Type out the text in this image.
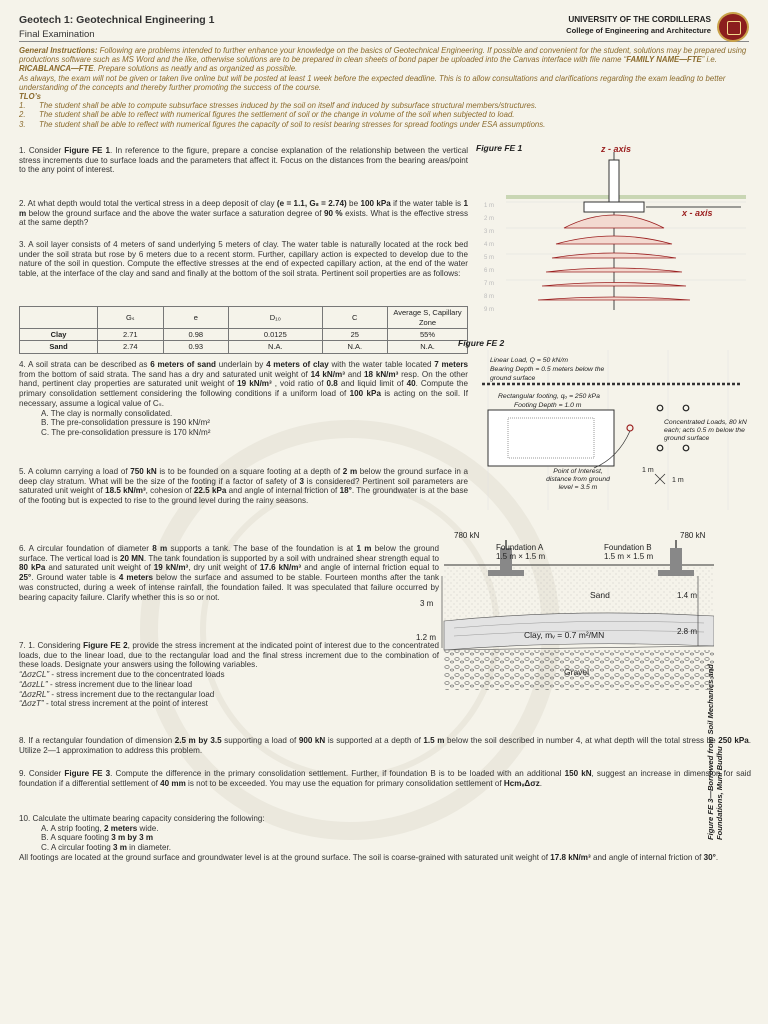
Geotech 1: Geotechnical Engineering 1
Final Examination
UNIVERSITY OF THE CORDILLERAS
College of Engineering and Architecture
General Instructions: Following are problems intended to further enhance your knowledge on the basics of Geotechnical Engineering. If possible and convenient for the student, solutions may be prepared using productions software such as MS Word and the like, otherwise solutions are to be prepared in clean sheets of bond paper be uploaded into the Canvas interface with file name “FAMILY NAME—FTE” i.e. RICABLANCA—FTE. Prepare solutions as neatly and as organized as possible.
As always, the exam will not be given or taken live online but will be posted at least 1 week before the expected deadline. This is to allow consultations and clarifications regarding the exam leading to better understanding of the concepts and thereby further promoting the success of the course.
TLO’s
1.	The student shall be able to compute subsurface stresses induced by the soil on itself and induced by subsurface structural members/structures.
2.	The student shall be able to reflect with numerical figures the settlement of soil or the change in volume of the soil when subjected to load.
3.	The student shall be able to reflect with numerical figures the capacity of soil to resist bearing stresses for spread footings under ESA assumptions.
1. Consider Figure FE 1. In reference to the figure, prepare a concise explanation of the relationship between the vertical stress increments due to surface loads and the parameters that affect it. Focus on the distances from the bearing areas/point to the any point of interest.
2. At what depth would total the vertical stress in a deep deposit of clay (e = 1.1, Gₛ = 2.74) be 100 kPa if the water table is 1 m below the ground surface and the above the water surface a saturation degree of 90 % exists. What is the effective stress at the same depth?
3. A soil layer consists of 4 meters of sand underlying 5 meters of clay. The water table is naturally located at the rock bed under the soil strata but rose by 6 meters due to a recent storm. Further, capillary action is expected to develop due to the nature of the soil in question. Compute the effective stresses at the end of expected capillary action, at the end of the water table, at the interface of the clay and sand and finally at the bottom of the soil strata. Pertinent soil properties are as follows:
	Gₛ	e	D₁₀	C	Average S, Capillary Zone
Clay	2.71	0.98	0.0125	25	55%
Sand	2.74	0.93	N.A.	N.A.	N.A.
4. A soil strata can be described as 6 meters of sand underlain by 4 meters of clay with the water table located 7 meters from the bottom of said strata. The sand has a dry and saturated unit weight of 14 kN/m³ and 18 kN/m³ resp. On the other hand, pertinent clay properties are saturated unit weight of 19 kN/m³ , void ratio of 0.8 and liquid limit of 40. Compute the primary consolidation settlement considering the following conditions if a uniform load of 100 kPa is acting on the soil. If necessary, assume a logical value of Cₛ.
A. The clay is normally consolidated.
B. The pre-consolidation pressure is 190 kN/m²
C. The pre-consolidation pressure is 170 kN/m²
5. A column carrying a load of 750 kN is to be founded on a square footing at a depth of 2 m below the ground surface in a deep clay stratum. What will be the size of the footing if a factor of safety of 3 is considered? Pertinent soil parameters are saturated unit weight of 18.5 kN/m³, cohesion of 22.5 kPa and angle of internal friction of 18°. The groundwater is at the base of the footing but is expected to rise to the ground level during the rainy seasons.
6. A circular foundation of diameter 8 m supports a tank. The base of the foundation is at 1 m below the ground surface. The vertical load is 20 MN. The tank foundation is supported by a soil with undrained shear strength equal to 80 kPa and saturated unit weight of 19 kN/m³, dry unit weight of 17.6 kN/m³ and angle of internal friction equal to 25°. Ground water table is 4 meters below the surface and assumed to be stable. Fourteen months after the tank was constructed, during a week of intense rainfall, the foundation failed. It was speculated that failure occurred by bearing capacity failure. Clarify whether this is so or not.
7. 1. Considering Figure FE 2, provide the stress increment at the indicated point of interest due to the concentrated loads, due to the linear load, due to the rectangular load and the final stress increment due to the combination of these loads. Designate your answers using the following variables.
“ΔσᴢCL” - stress increment due to the concentrated loads
“ΔσᴢLL” - stress increment due to the linear load
“ΔσᴢRL” - stress increment due to the rectangular load
“ΔσᴢT” - total stress increment at the point of interest
8. If a rectangular foundation of dimension 2.5 m by 3.5 supporting a load of 900 kN is supported at a depth of 1.5 m below the soil described in number 4, at what depth will the total stress be 250 kPa. Utilize 2—1 approximation to address this problem.
9. Consider Figure FE 3. Compute the difference in the primary consolidation settlement. Further, if foundation B is to be loaded with an additional 150 kN, suggest an increase in dimension for said foundation if a differential settlement of 40 mm is not to be exceeded. You may use the equation for primary consolidation settlement of HᴄmᵥΔσᴢ.
10. Calculate the ultimate bearing capacity considering the following:
A. A strip footing, 2 meters wide.
B. A square footing 3 m by 3 m
C. A circular footing 3 m in diameter.
All footings are located at the ground surface and groundwater level is at the ground surface. The soil is coarse-grained with saturated unit weight of 17.8 kN/m³ and angle of internal friction of 30°.
Figure FE 1
1 m
2 m
3 m
4 m
5 m
6 m
7 m
8 m
9 m
z - axis
x - axis
Figure FE 2
Linear Load, Q = 50 kN/m
Bearing Depth = 0.5 meters below the
ground surface
Rectangular footing, qₒ = 250 kPa
Footing Depth = 1.0 m
Point of Interest,
distance from ground
level = 3.5 m
Concentrated Loads, 80 kN
each; acts 0.5 m below the
ground surface
1 m
1 m
780 kN
Foundation A
1.5 m × 1.5 m
780 kN
Foundation B
1.5 m × 1.5 m
Sand
Clay, mᵥ = 0.7 m²/MN
Gravel
3 m
1.2 m
1.4 m
2.8 m
Figure FE 3—Borrowed from Soil Mechanics and Foundations, Muni Budhu
